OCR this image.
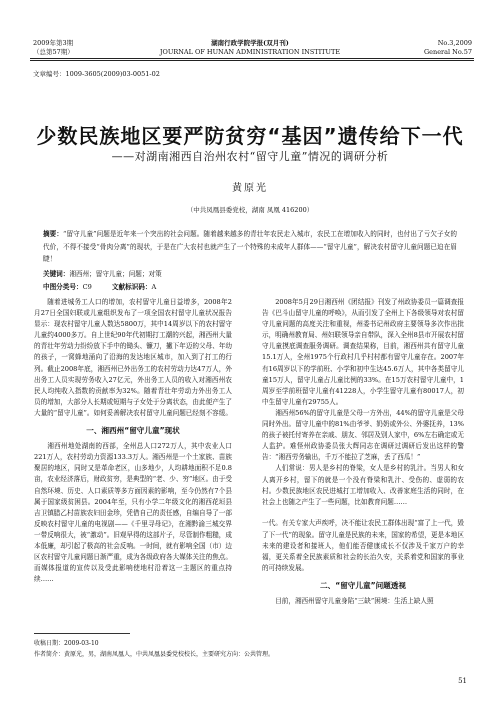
2009年第3期
（总第57期）
湖南行政学院学报(双月刊)
JOURNAL OF HUNAN ADMINISTRATION INSTITUTE
No.3,2009
General No.57
文章编号：1009-3605(2009)03-0051-02
少数民族地区要严防贫穷“基因”遗传给下一代
——对湖南湘西自治州农村“留守儿童”情况的调研分析
黄原光
（中共凤凰县委党校，湖南 凤凰 416200）
摘要：“留守儿童”问题是近年来一个突出的社会问题。随着越来越多的青壮年农民走入城市，农民工在增加收入的同时，也付出了亏欠子女的代价，不得不接受“骨肉分离”的现状，于是在广大农村也就产生了一个特殊的未成年人群体——“留守儿童”，解决农村留守儿童问题已迫在眉睫！
关键词：湘西州；留守儿童；问题；对策
中图分类号：C9	文献标识码：A

随着进城务工人口的增加，农村留守儿童日益增多，2008年2月27日全国妇联或儿童组织发布了一项全国农村留守儿童状况报告显示：现农村留守儿童人数达5800万，其中14周岁以下的农村留守儿童约4000多万。自上世纪90年代初期打工潮的兴起，湘西州大量的青壮年劳动力纷纷放下手中的锄头、镰刀，撇下年迈的父母、年幼的孩子，一窝蜂地涌向了沿海的发达地区城市，加入到了打工的行列。截止2008年底，湘西州已外出务工的农村劳动力达47万人，外出务工人员实现劳务收入27亿元，外出务工人员的收入对湘西州农民人均纯收入指数的贡献率为32%。随着青壮年劳动力外出务工人员的增加，大部分人长期或短期与子女处于分离状态，由此便产生了大量的“留守儿童”。如何妥善解决农村留守儿童问题已经刻不容缓。

一、湘西州“留守儿童”现状

湘西州地处湖南的西部，全州总人口272万人，其中农业人口221万人，农村劳动力资源133.3万人。湘西州是一个土家族、苗族聚居的地区，同时又是革命老区，山多地少，人均耕地面积不足0.8亩，农业经济落后，财政贫穷，是典型的“老、少、穷”地区。由于受自然环境、历史、人口素质等多方面因素的影响，至今仍然有7个县属于国家级贫困县。2004年至，只有小学二年级文化的湘西花垣县吉卫镇腊乙村苗族农妇田金珍，凭借自己的责任感，自编自导了一部反映农村留守儿童的电视剧——《千里寻母记》，在湘黔渝三城交界一带反响很大，被“激动”。旧观早得的这部片子，尽管制作粗糙，成本低廉，却引起了极高的社会反响。一时间，就有影响全国（市）边区农村留守儿童问题日渐严重，成为各级政府各大媒体关注的焦点。而媒体报道的宣传以及受此影响使地村沿着这一主题区的重点持续……

2008年5月29日湘西州《团结报》刊发了州政协委员一篇调查报告《巴斗山留守儿童的呼唤》，从而引发了全州上下各级领导对农村留守儿童问题的高度关注和重视，州委书记州政府主要领导多次作出批示，明确州教育局、州妇联领导亲自带队，深入全州8县市开展农村留守儿童摸底调查服务调研。调查结果称，目前，湘西州共有留守儿童15.1万人，全州1975个行政村几乎村村都有留守儿童存在。2007年有16周岁以下的学前班、小学和初中生达45.6万人，其中各类留守儿童15万人，留守儿童占儿童比例的33%。在15万农村留守儿童中，1周岁至学前班留守儿童有41228人，小学生留守儿童有80017人，初中生留守儿童有29755人。

湘西州56%的留守儿童是父母一方外出，44%的留守儿童是父母同时外出。留守儿童中的81%由爷爷、奶奶或外公、外婆抚养，13%的孩子被托付寄养在亲戚、朋友、邻居及别人家中，6%左右确定或无人监护。难怪州政协委员张大辉同志在调研过调研后发出这样的警告：“湘西劳务输出，千万不能拉了芝麻，丢了西瓜！”

人们常说：男人是乡村的脊梁，女人是乡村的乳汁。当男人和女人离开乡村，留下的就是一个没有脊梁和乳汁、受伤的、虚弱的农村。少数民族地区农民进城打工增加收入、改善家庭生活的同时，在社会上也随之产生了一些问题，比如教育问题……

一代。有关专家大声疾呼，决不能让农民工群体出现“富了上一代，毁了下一代”的现象。留守儿童是民族的未来，国家的希望，更是本地区未来的建设者和接班人，他们能否健康成长不仅涉及千家万户的幸福，更关系着全民族素质和社会的长治久安，关系着党和国家的事业的可持续发展。

二、“留守儿童”问题透视

目前，湘西州留守儿童身陷“三缺”困境：生活上缺人照

收稿日期：2009-03-10
作者简介：黄原光，男，湖南凤凰人，中共凤凰县委党校校长，主要研究方向：公共管理。
51
